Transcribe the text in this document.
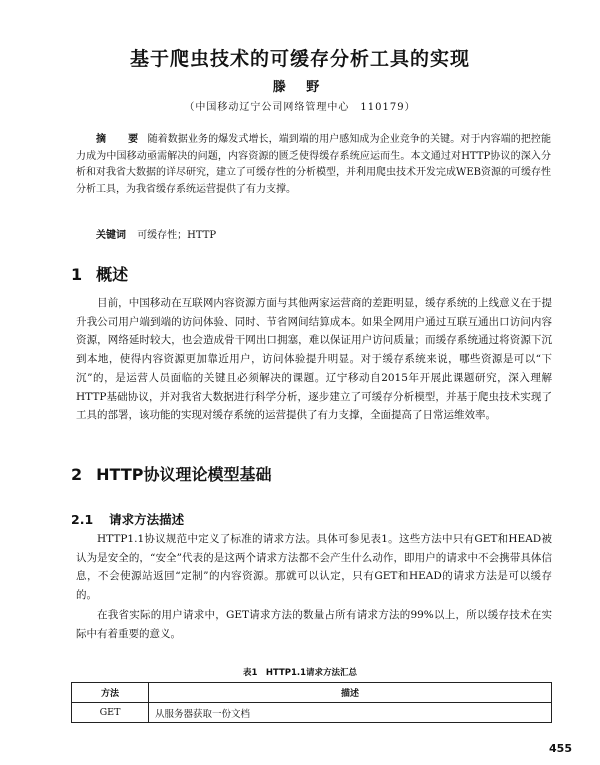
基于爬虫技术的可缓存分析工具的实现
滕 野
（中国移动辽宁公司网络管理中心　110179）
摘　要 随着数据业务的爆发式增长，端到端的用户感知成为企业竞争的关键。对于内容端的把控能力成为中国移动亟需解决的问题，内容资源的匮乏使得缓存系统应运而生。本文通过对HTTP协议的深入分析和对我省大数据的详尽研究，建立了可缓存性的分析模型，并利用爬虫技术开发完成WEB资源的可缓存性分析工具，为我省缓存系统运营提供了有力支撑。
关键词 可缓存性；HTTP
1 概述
目前，中国移动在互联网内容资源方面与其他两家运营商的差距明显，缓存系统的上线意义在于提升我公司用户端到端的访问体验、同时、节省网间结算成本。如果全网用户通过互联互通出口访问内容资源，网络延时较大，也会造成骨干网出口拥塞，难以保证用户访问质量；而缓存系统通过将资源下沉到本地，使得内容资源更加靠近用户，访问体验提升明显。对于缓存系统来说，哪些资源是可以“下沉”的，是运营人员面临的关键且必须解决的课题。辽宁移动自2015年开展此课题研究，深入理解HTTP基础协议，并对我省大数据进行科学分析，逐步建立了可缓存分析模型，并基于爬虫技术实现了工具的部署，该功能的实现对缓存系统的运营提供了有力支撑，全面提高了日常运维效率。
2 HTTP协议理论模型基础
2.1 请求方法描述
HTTP1.1协议规范中定义了标准的请求方法。具体可参见表1。这些方法中只有GET和HEAD被认为是安全的，“安全”代表的是这两个请求方法都不会产生什么动作，即用户的请求中不会携带具体信息，不会使源站返回“定制”的内容资源。那就可以认定，只有GET和HEAD的请求方法是可以缓存的。
在我省实际的用户请求中，GET请求方法的数量占所有请求方法的99%以上，所以缓存技术在实际中有着重要的意义。
表1　HTTP1.1请求方法汇总
方法	描述
GET	从服务器获取一份文档
455
